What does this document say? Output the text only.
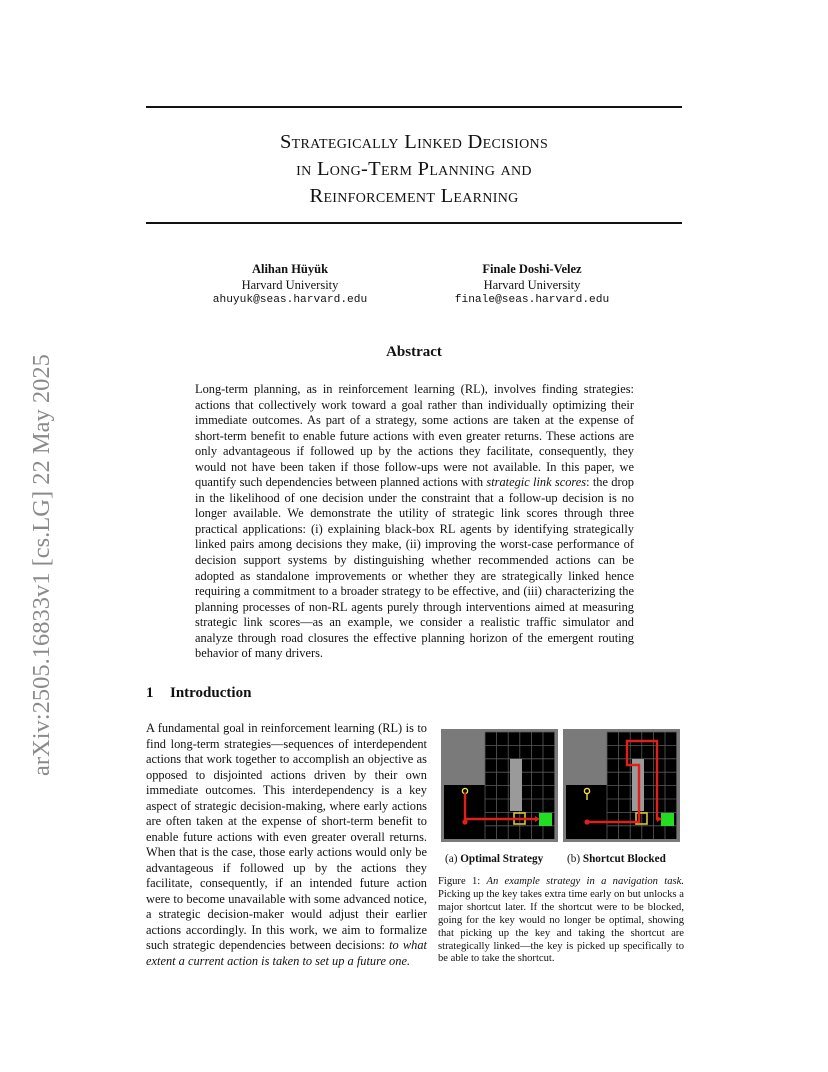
arXiv:2505.16833v1 [cs.LG] 22 May 2025
Strategically Linked Decisions
in Long-Term Planning and
Reinforcement Learning
Alihan Hüyük
Harvard University
ahuyuk@seas.harvard.edu
Finale Doshi-Velez
Harvard University
finale@seas.harvard.edu
Abstract

Long-term planning, as in reinforcement learning (RL), involves finding strategies: actions that collectively work toward a goal rather than individually optimizing their immediate outcomes. As part of a strategy, some actions are taken at the expense of short-term benefit to enable future actions with even greater returns. These actions are only advantageous if followed up by the actions they facilitate, consequently, they would not have been taken if those follow-ups were not available. In this paper, we quantify such dependencies between planned actions with strategic link scores: the drop in the likelihood of one decision under the constraint that a follow-up decision is no longer available. We demonstrate the utility of strategic link scores through three practical applications: (i) explaining black-box RL agents by identifying strategically linked pairs among decisions they make, (ii) improving the worst-case performance of decision support systems by distinguishing whether recommended actions can be adopted as standalone improvements or whether they are strategically linked hence requiring a commitment to a broader strategy to be effective, and (iii) characterizing the planning processes of non-RL agents purely through interventions aimed at measuring strategic link scores—as an example, we consider a realistic traffic simulator and analyze through road closures the effective planning horizon of the emergent routing behavior of many drivers.

1 Introduction

A fundamental goal in reinforcement learning (RL) is to find long-term strategies—sequences of interdependent actions that work together to accomplish an objective as opposed to disjointed actions driven by their own immediate outcomes. This interdependency is a key aspect of strategic decision-making, where early actions are often taken at the expense of short-term benefit to enable future actions with even greater overall returns. When that is the case, those early actions would only be advantageous if followed up by the actions they facilitate, consequently, if an intended future action were to become unavailable with some advanced notice, a strategic decision-maker would adjust their earlier actions accordingly. In this work, we aim to formalize such strategic dependencies between decisions: to what extent a current action is taken to set up a future one.

(a) Optimal Strategy (b) Shortcut Blocked

Figure 1: An example strategy in a navigation task. Picking up the key takes extra time early on but unlocks a major shortcut later. If the shortcut were to be blocked, going for the key would no longer be optimal, showing that picking up the key and taking the shortcut are strategically linked—the key is picked up specifically to be able to take the shortcut.
